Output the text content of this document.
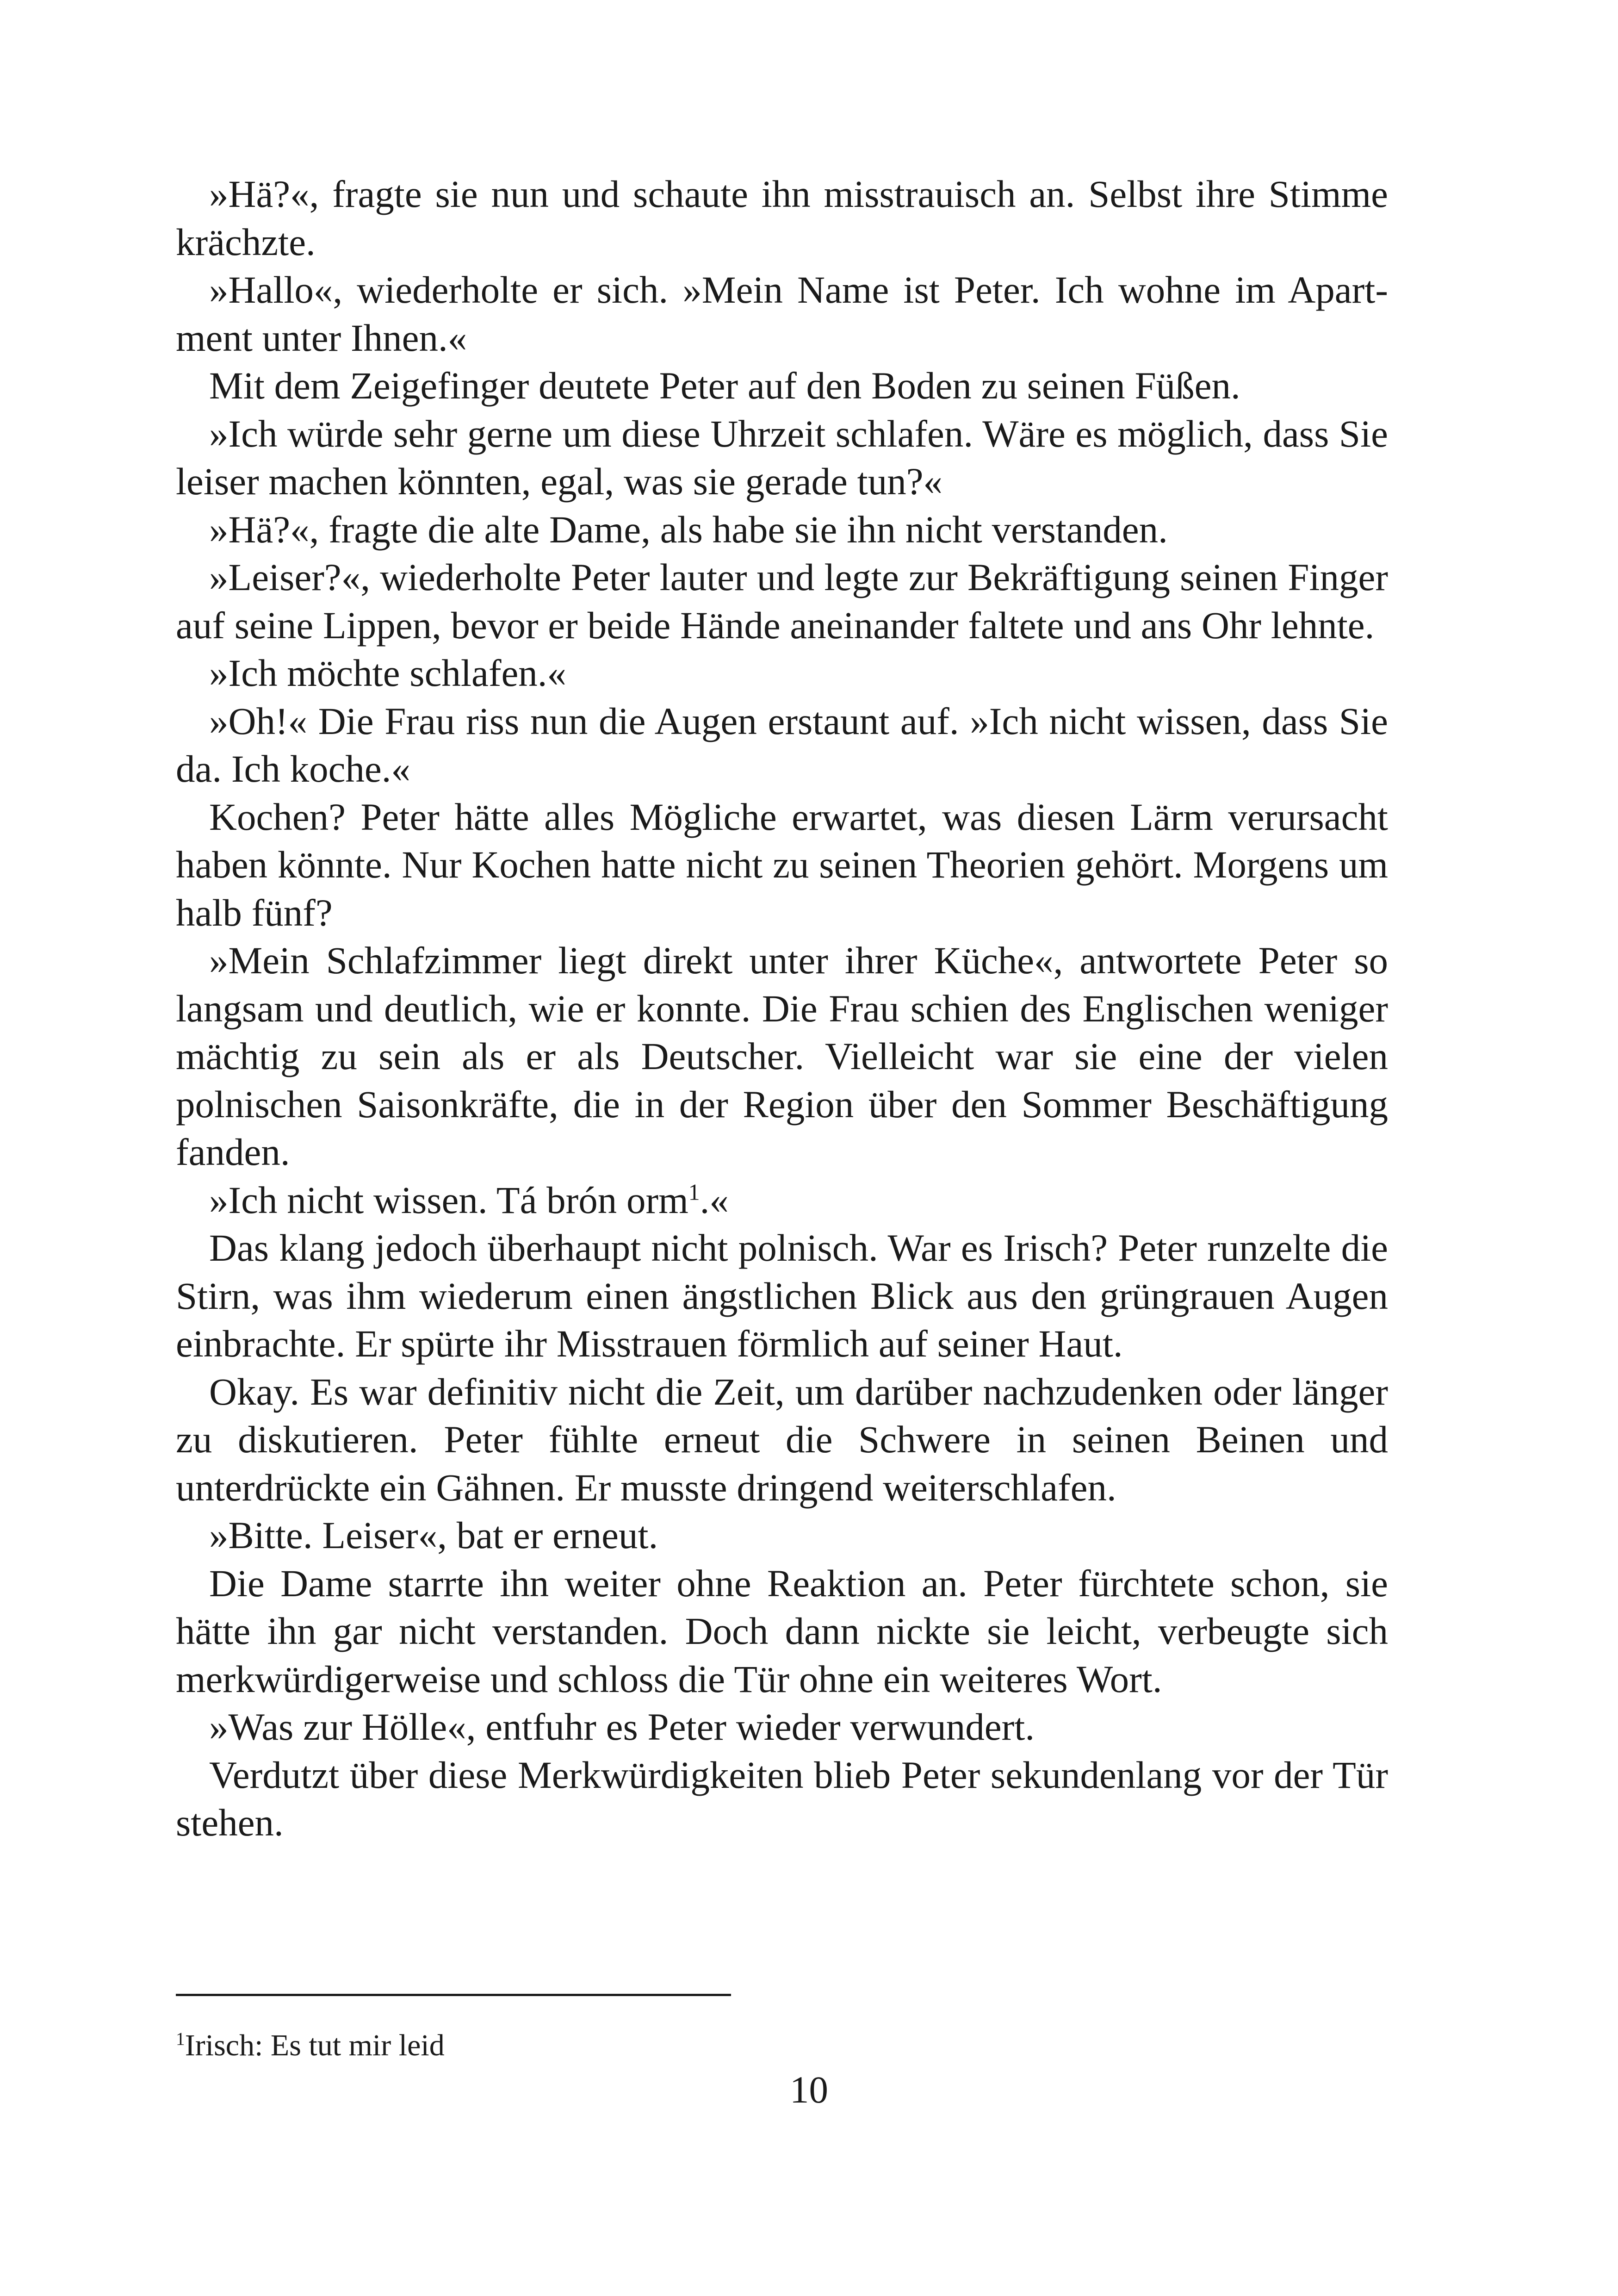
»Hä?«, fragte sie nun und schaute ihn misstrauisch an. Selbst ihre Stimme krächzte.

»Hallo«, wiederholte er sich. »Mein Name ist Peter. Ich wohne im Apartment unter Ihnen.«

Mit dem Zeigefinger deutete Peter auf den Boden zu seinen Füßen.

»Ich würde sehr gerne um diese Uhrzeit schlafen. Wäre es möglich, dass Sie leiser machen könnten, egal, was sie gerade tun?«

»Hä?«, fragte die alte Dame, als habe sie ihn nicht verstanden.

»Leiser?«, wiederholte Peter lauter und legte zur Bekräftigung seinen Finger auf seine Lippen, bevor er beide Hände aneinander faltete und ans Ohr lehnte.

»Ich möchte schlafen.«

»Oh!« Die Frau riss nun die Augen erstaunt auf. »Ich nicht wissen, dass Sie da. Ich koche.«

Kochen? Peter hätte alles Mögliche erwartet, was diesen Lärm verursacht haben könnte. Nur Kochen hatte nicht zu seinen Theorien gehört. Morgens um halb fünf?

»Mein Schlafzimmer liegt direkt unter ihrer Küche«, antwortete Peter so langsam und deutlich, wie er konnte. Die Frau schien des Englischen weniger mächtig zu sein als er als Deutscher. Vielleicht war sie eine der vielen polnischen Saisonkräfte, die in der Region über den Sommer Beschäftigung fanden.

»Ich nicht wissen. Tá brón orm$^1$.«

Das klang jedoch überhaupt nicht polnisch. War es Irisch? Peter runzelte die Stirn, was ihm wiederum einen ängstlichen Blick aus den grüngrauen Augen einbrachte. Er spürte ihr Misstrauen förmlich auf seiner Haut.

Okay. Es war definitiv nicht die Zeit, um darüber nachzudenken oder länger zu diskutieren. Peter fühlte erneut die Schwere in seinen Beinen und unterdrückte ein Gähnen. Er musste dringend weiterschlafen.

»Bitte. Leiser«, bat er erneut.

Die Dame starrte ihn weiter ohne Reaktion an. Peter fürchtete schon, sie hätte ihn gar nicht verstanden. Doch dann nickte sie leicht, verbeugte sich merkwürdigerweise und schloss die Tür ohne ein weiteres Wort.

»Was zur Hölle«, entfuhr es Peter wieder verwundert.

Verdutzt über diese Merkwürdigkeiten blieb Peter sekundenlang vor der Tür stehen.

$^1$Irisch: Es tut mir leid
10
